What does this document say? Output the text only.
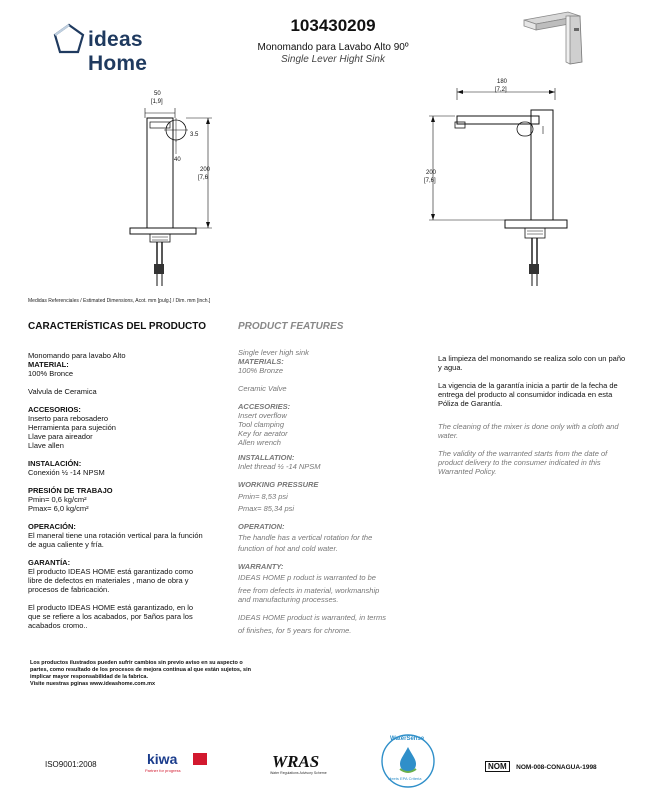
ideas Home
103430209
Monomando para Lavabo Alto 90º
Single Lever Hight Sink
50
[1,9]
3.5
40
200
[7,6
180
[7,2]
200
[7,6]
Medidas Referenciales / Estimated Dimensions, Acot. mm [pulg.] / Dim. mm [inch.]
CARACTERÍSTICAS DEL PRODUCTO	PRODUCT FEATURES

Monomando para lavabo Alto

MATERIAL:

100% Bronce

Valvula de Ceramica

ACCESORIOS:

Inserto para rebosadero

Herramienta para sujeción

Llave para aireador

Llave allen

INSTALACIÓN:

Conexión ½ -14 NPSM

PRESIÓN DE TRABAJO

Pmin= 0,6 kg/cm²

Pmax= 6,0 kg/cm²

OPERACIÓN:

El maneral tiene una rotación vertical para la función

de agua caliente y fría.

GARANTÍA:

El producto IDEAS HOME está garantizado como

libre de defectos en materiales , mano de obra y

procesos de fabricación.

El producto IDEAS HOME está garantizado, en lo

que se refiere a los acabados, por 5años para los

acabados cromo..

Single lever high sink

MATERIALS:

100% Bronze

Ceramic Valve

ACCESORIES:

Insert overflow

Tool clamping

Key for aerator

Allen wrench

INSTALLATION:

Inlet thread ½ -14 NPSM

WORKING PRESSURE

Pmin= 8,53 psi

Pmax= 85,34 psi

OPERATION:

The handle has a vertical rotation for the

function of hot and cold water.

WARRANTY:

IDEAS HOME p roduct is warranted to be

free from defects in material, workmanship

and manufacturing processes.

IDEAS HOME product is warranted, in terms

of finishes, for 5 years for chrome.

La limpieza del monomando se realiza solo con un paño y agua.

La vigencia de la garantía inicia a partir de la fecha de entrega del producto al consumidor indicada en esta Póliza de Garantía.

The cleaning of the mixer is done only with a cloth and water.

The validity of the warranted starts from the date of product delivery to the consumer indicated in this Warranted Policy.

Los productos ilustrados pueden sufrir cambios sin previo aviso en su aspecto o
partes, como resultado de los procesos de mejora continua al que están sujetos, sin
implicar mayor responsabilidad de la fabrica.
Visite nuestras pginas www.ideashome.com.mx
ISO9001:2008	kiwa
Partner for progress	WRAS
Water Regulations Advisory Scheme
WaterSense
Meets EPA Criteria
NOM NOM-008-CONAGUA-1998
